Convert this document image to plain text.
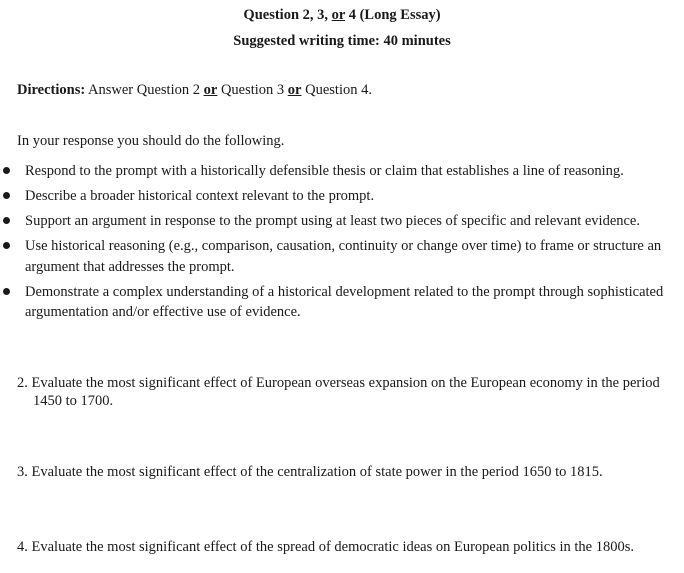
Question 2, 3, or 4 (Long Essay)
Suggested writing time: 40 minutes
Directions: Answer Question 2 or Question 3 or Question 4.
In your response you should do the following.
Respond to the prompt with a historically defensible thesis or claim that establishes a line of reasoning.
Describe a broader historical context relevant to the prompt.
Support an argument in response to the prompt using at least two pieces of specific and relevant evidence.
Use historical reasoning (e.g., comparison, causation, continuity or change over time) to frame or structure an argument that addresses the prompt.
Demonstrate a complex understanding of a historical development related to the prompt through sophisticated argumentation and/or effective use of evidence.
2. Evaluate the most significant effect of European overseas expansion on the European economy in the period 1450 to 1700.
3. Evaluate the most significant effect of the centralization of state power in the period 1650 to 1815.
4. Evaluate the most significant effect of the spread of democratic ideas on European politics in the 1800s.
